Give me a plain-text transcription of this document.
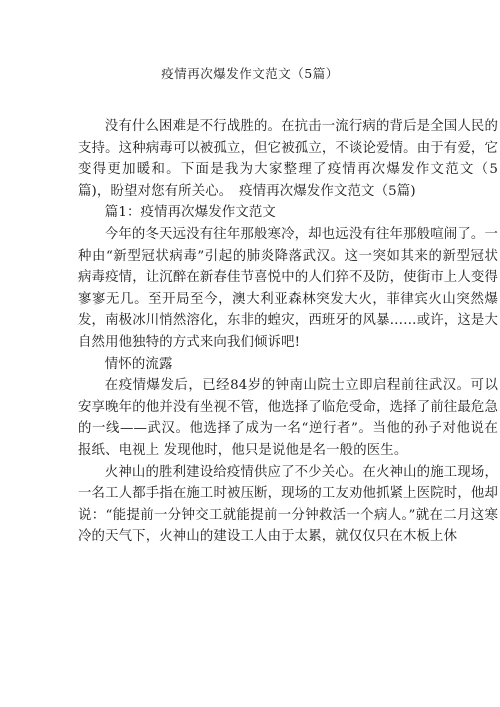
疫情再次爆发作文范文（5篇）

没有什么困难是不行战胜的。在抗击一流行病的背后是全国人民的支持。这种病毒可以被孤立，但它被孤立，不谈论爱情。由于有爱，它变得更加暖和。下面是我为大家整理了疫情再次爆发作文范文（5篇)，盼望对您有所关心。　疫情再次爆发作文范文（5篇)

篇1：疫情再次爆发作文范文

今年的冬天远没有往年那般寒冷，却也远没有往年那般喧闹了。一种由“新型冠状病毒”引起的肺炎降落武汉。这一突如其来的新型冠状病毒疫情，让沉醉在新春佳节喜悦中的人们猝不及防，使街市上人变得寥寥无几。至开局至今，澳大利亚森林突发大火，菲律宾火山突然爆发，南极冰川悄然溶化，东非的蝗灾，西班牙的风暴……或许，这是大自然用他独特的方式来向我们倾诉吧!

情怀的流露

在疫情爆发后，已经84岁的钟南山院士立即启程前往武汉。可以安享晚年的他并没有坐视不管，他选择了临危受命，选择了前往最危急的一线——武汉。他选择了成为一名“逆行者”。当他的孙子对他说在报纸、电视上 发现他时，他只是说他是名一般的医生。

火神山的胜利建设给疫情供应了不少关心。在火神山的施工现场，一名工人都手指在施工时被压断，现场的工友劝他抓紧上医院时，他却说：“能提前一分钟交工就能提前一分钟救活一个病人。”就在二月这寒冷的天气下，火神山的建设工人由于太累，就仅仅只在木板上休
